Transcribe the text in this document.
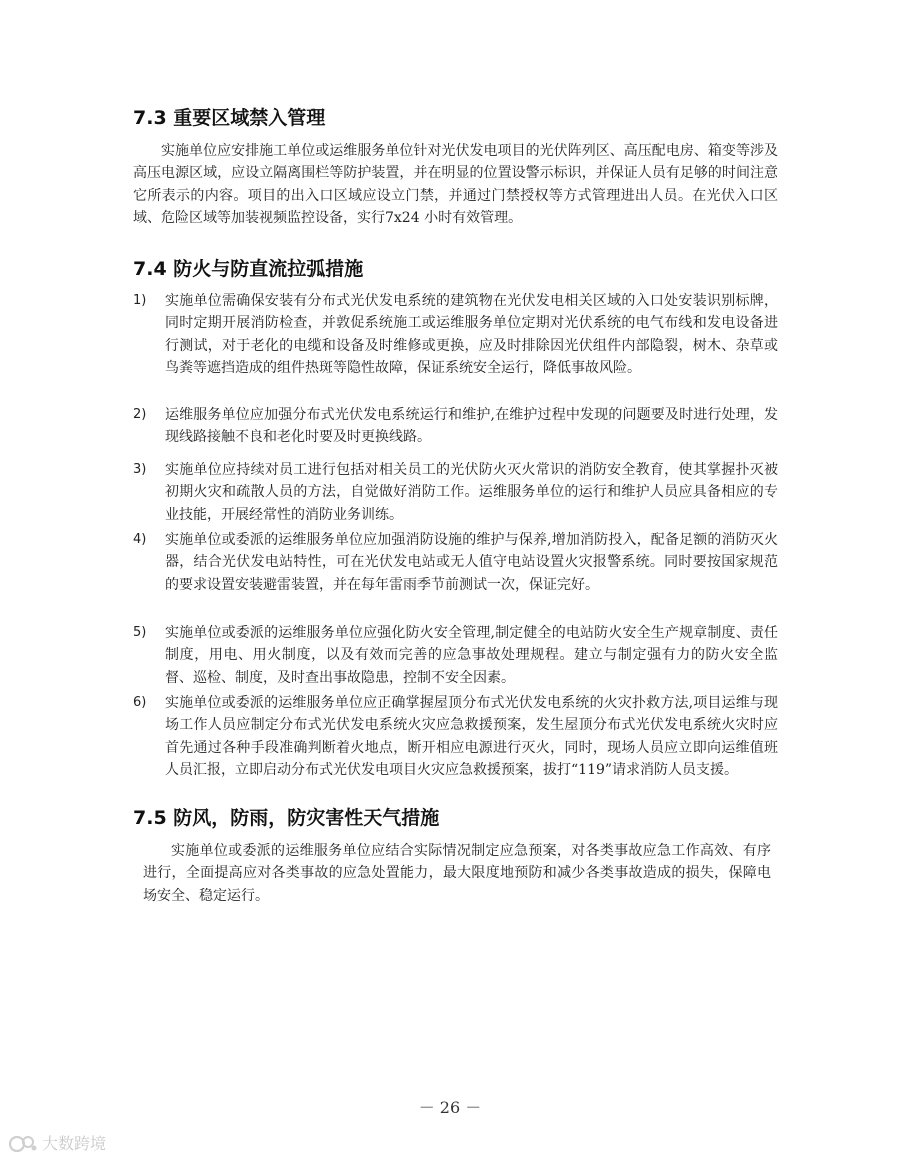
7.3 重要区域禁入管理

实施单位应安排施工单位或运维服务单位针对光伏发电项目的光伏阵列区、高压配电房、箱变等涉及高压电源区域，应设立隔离围栏等防护装置，并在明显的位置设警示标识，并保证人员有足够的时间注意它所表示的内容。项目的出入口区域应设立门禁，并通过门禁授权等方式管理进出人员。在光伏入口区域、危险区域等加装视频监控设备，实行7x24 小时有效管理。

7.4 防火与防直流拉弧措施
1) 实施单位需确保安装有分布式光伏发电系统的建筑物在光伏发电相关区域的入口处安装识别标牌，同时定期开展消防检查，并敦促系统施工或运维服务单位定期对光伏系统的电气布线和发电设备进行测试，对于老化的电缆和设备及时维修或更换，应及时排除因光伏组件内部隐裂，树木、杂草或鸟粪等遮挡造成的组件热斑等隐性故障，保证系统安全运行，降低事故风险。

2) 运维服务单位应加强分布式光伏发电系统运行和维护,在维护过程中发现的问题要及时进行处理，发现线路接触不良和老化时要及时更换线路。

3) 实施单位应持续对员工进行包括对相关员工的光伏防火灭火常识的消防安全教育，使其掌握扑灭被初期火灾和疏散人员的方法，自觉做好消防工作。运维服务单位的运行和维护人员应具备相应的专业技能，开展经常性的消防业务训练。

4) 实施单位或委派的运维服务单位应加强消防设施的维护与保养,增加消防投入，配备足额的消防灭火器，结合光伏发电站特性，可在光伏发电站或无人值守电站设置火灾报警系统。同时要按国家规范的要求设置安装避雷装置，并在每年雷雨季节前测试一次，保证完好。

5) 实施单位或委派的运维服务单位应强化防火安全管理,制定健全的电站防火安全生产规章制度、责任制度，用电、用火制度，以及有效而完善的应急事故处理规程。建立与制定强有力的防火安全监督、巡检、制度，及时查出事故隐患，控制不安全因素。

6) 实施单位或委派的运维服务单位应正确掌握屋顶分布式光伏发电系统的火灾扑救方法,项目运维与现场工作人员应制定分布式光伏发电系统火灾应急救援预案，发生屋顶分布式光伏发电系统火灾时应首先通过各种手段准确判断着火地点，断开相应电源进行灭火，同时，现场人员应立即向运维值班人员汇报，立即启动分布式光伏发电项目火灾应急救援预案，拔打“119”请求消防人员支援。

7.5 防风，防雨，防灾害性天气措施

实施单位或委派的运维服务单位应结合实际情况制定应急预案，对各类事故应急工作高效、有序进行，全面提高应对各类事故的应急处置能力，最大限度地预防和减少各类事故造成的损失，保障电场安全、稳定运行。

－ 26 －
大数跨境
